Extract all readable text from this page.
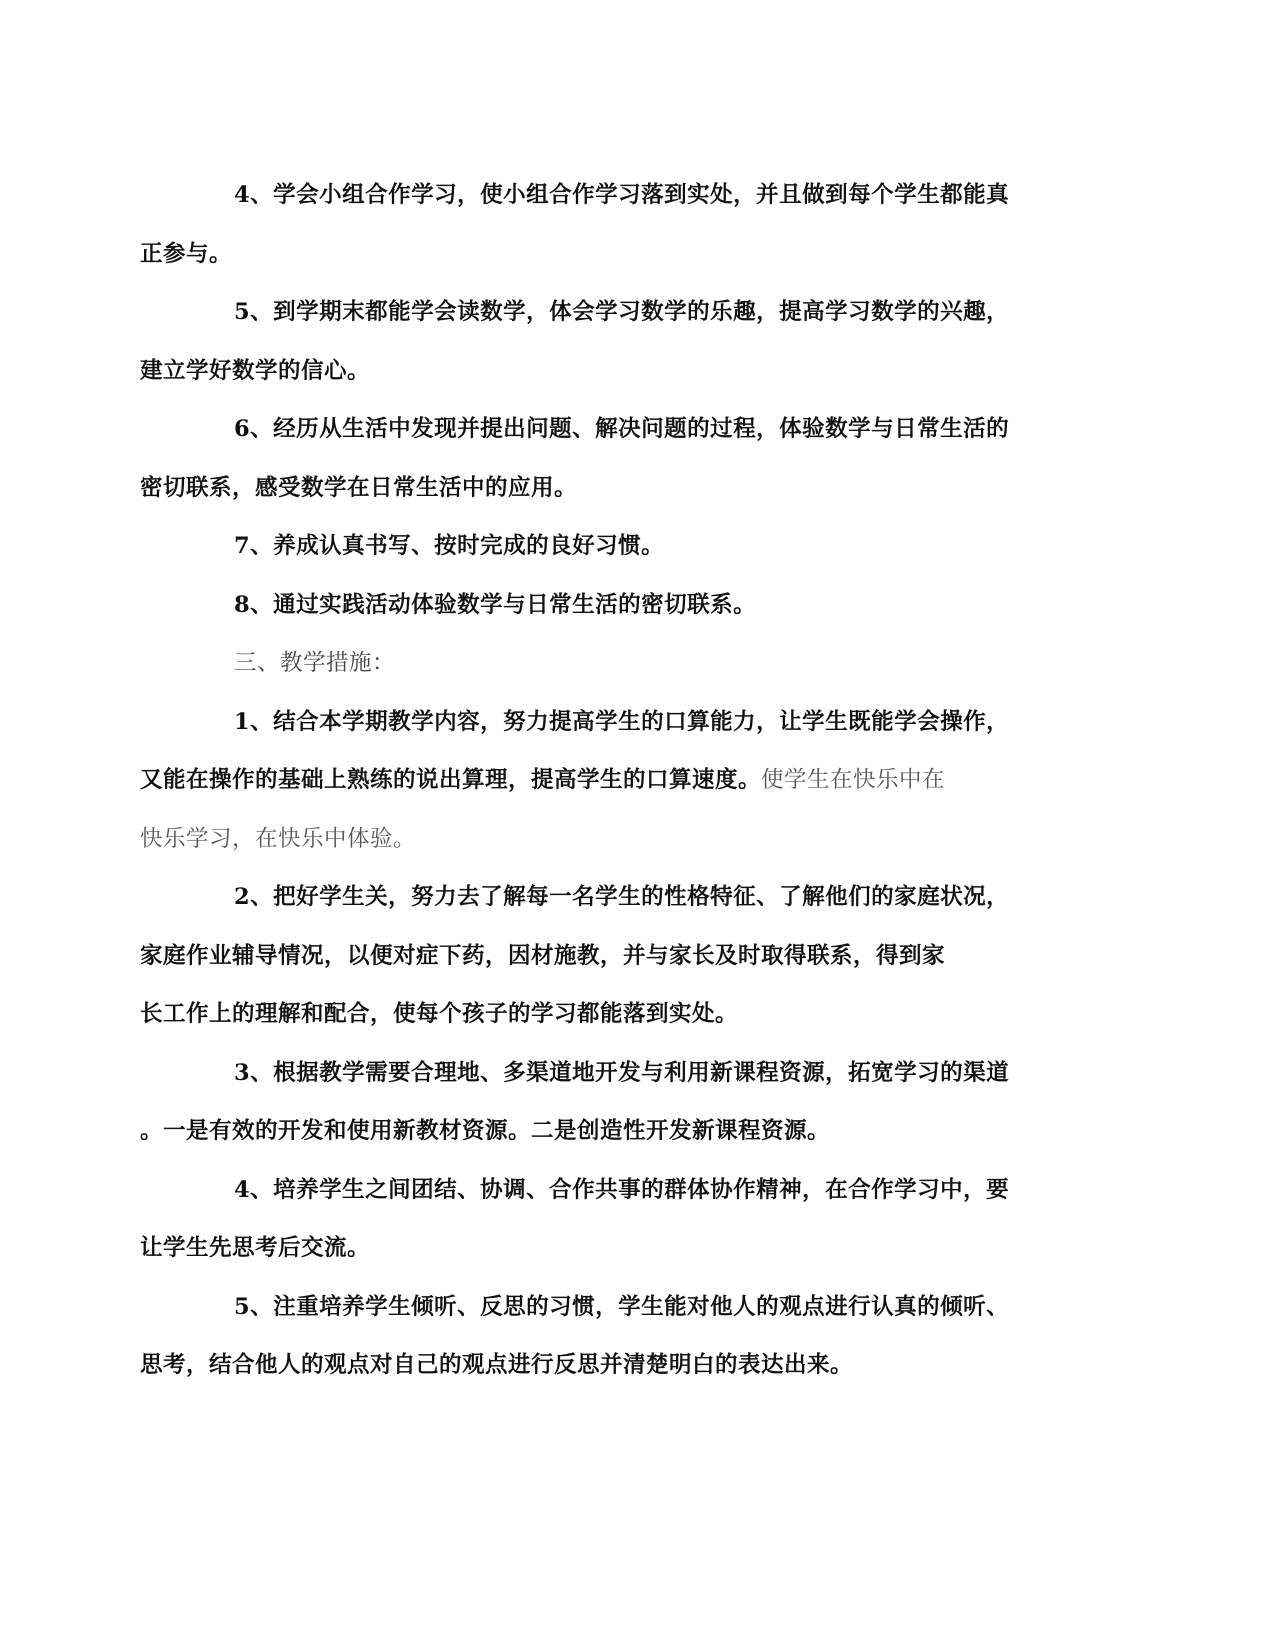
4、学会小组合作学习，使小组合作学习落到实处，并且做到每个学生都能真
正参与。

5、到学期末都能学会读数学，体会学习数学的乐趣，提高学习数学的兴趣，
建立学好数学的信心。

6、经历从生活中发现并提出问题、解决问题的过程，体验数学与日常生活的
密切联系，感受数学在日常生活中的应用。

7、养成认真书写、按时完成的良好习惯。

8、通过实践活动体验数学与日常生活的密切联系。

三、教学措施：

1、结合本学期教学内容，努力提高学生的口算能力，让学生既能学会操作，
又能在操作的基础上熟练的说出算理，提高学生的口算速度。使学生在快乐中在
快乐学习，在快乐中体验。

2、把好学生关，努力去了解每一名学生的性格特征、了解他们的家庭状况，
家庭作业辅导情况，以便对症下药，因材施教，并与家长及时取得联系，得到家
长工作上的理解和配合，使每个孩子的学习都能落到实处。

3、根据教学需要合理地、多渠道地开发与利用新课程资源，拓宽学习的渠道
。一是有效的开发和使用新教材资源。二是创造性开发新课程资源。

4、培养学生之间团结、协调、合作共事的群体协作精神，在合作学习中，要
让学生先思考后交流。

5、注重培养学生倾听、反思的习惯，学生能对他人的观点进行认真的倾听、
思考，结合他人的观点对自己的观点进行反思并清楚明白的表达出来。
